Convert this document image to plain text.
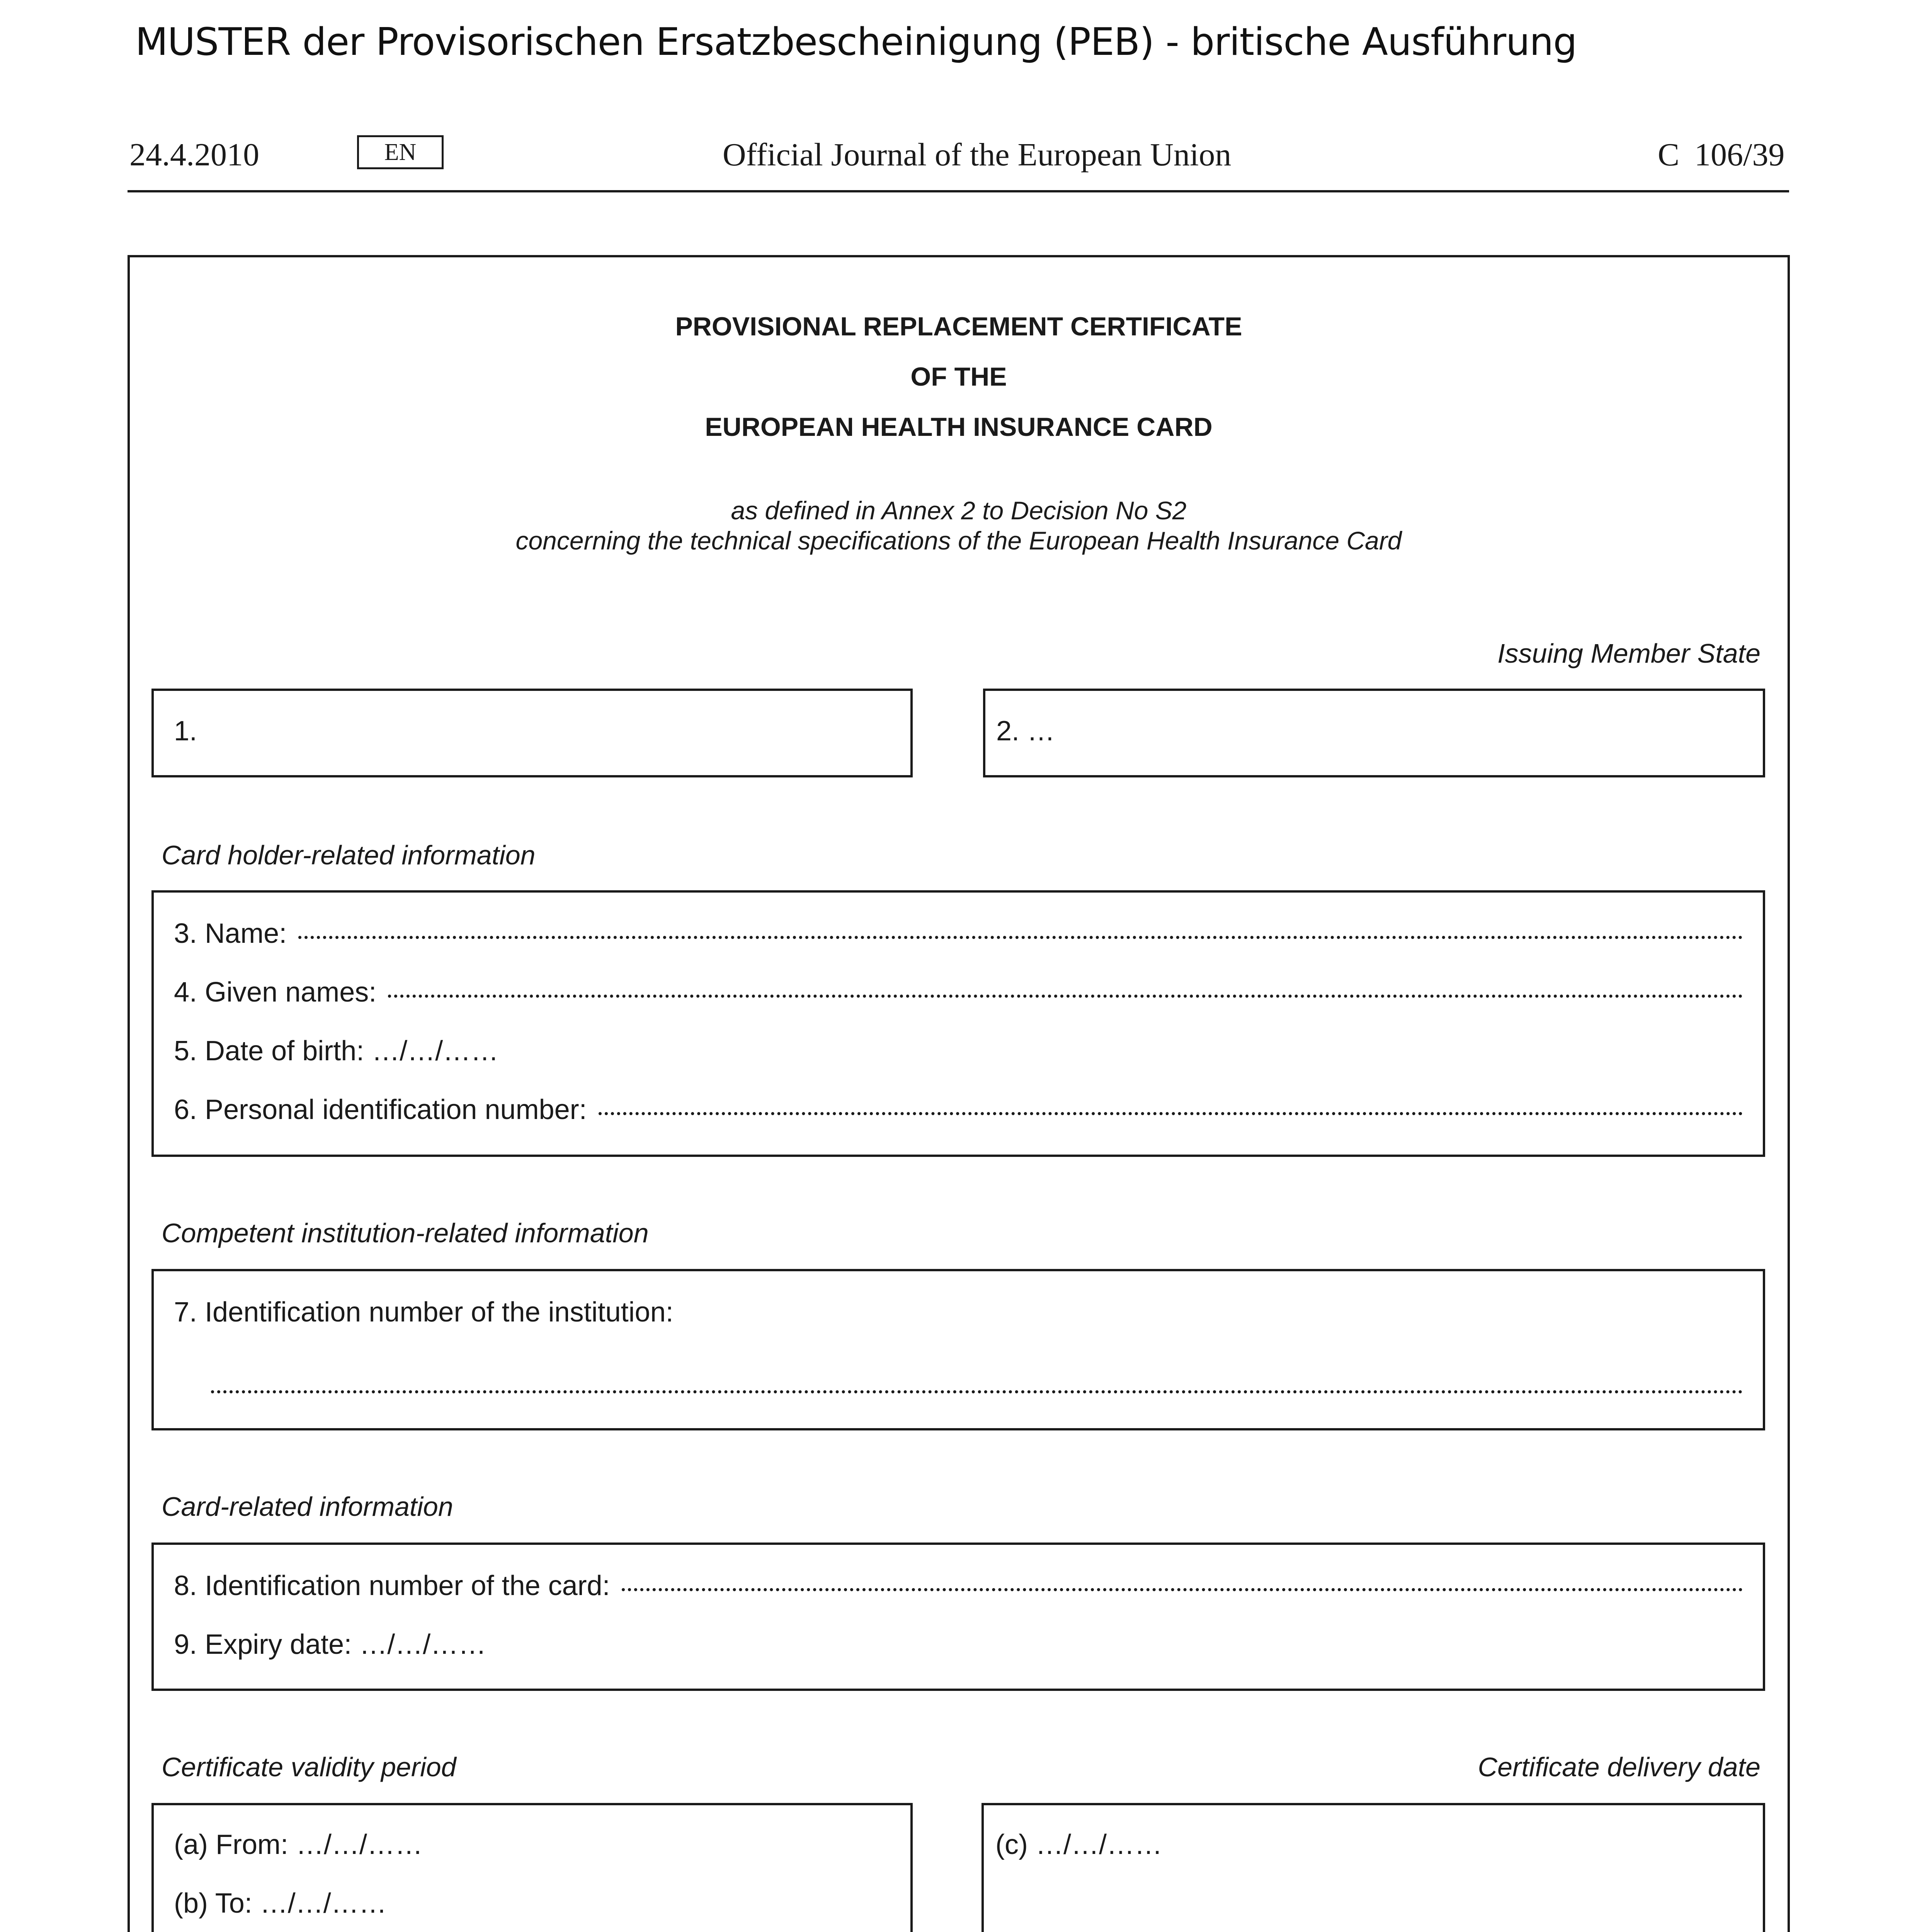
MUSTER der Provisorischen Ersatzbescheinigung (PEB) - britische Ausführung
24.4.2010	EN	Official Journal of the European Union	C 106/39
PROVISIONAL REPLACEMENT CERTIFICATE
OF THE
EUROPEAN HEALTH INSURANCE CARD
as defined in Annex 2 to Decision No S2
concerning the technical specifications of the European Health Insurance Card
Issuing Member State
1.	2. …
Card holder-related information
3. Name:
4. Given names:
5. Date of birth: …/…/……
6. Personal identification number:
Competent institution-related information
7. Identification number of the institution:
Card-related information
8. Identification number of the card:
9. Expiry date: …/…/……
Certificate validity period	Certificate delivery date
(a) From: …/…/……
(b) To: …/…/……
(c) …/…/……
